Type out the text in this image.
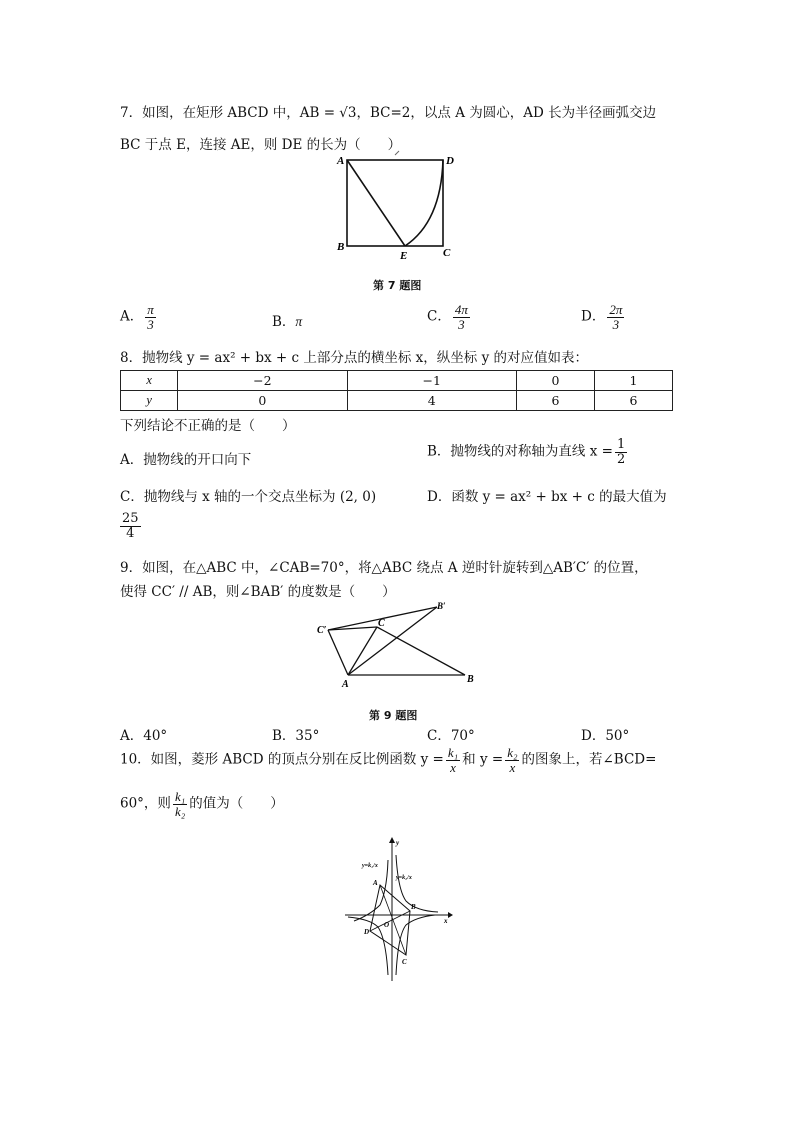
7．如图，在矩形 ABCD 中，AB = √3，BC=2，以点 A 为圆心，AD 长为半径画弧交边
BC 于点 E，连接 AE，则 DE 的长为（　　）
A	D
B	C
E
第 7 题图
A． $\frac{\pi}{3}$	B．π	C． $\frac{4\pi}{3}$	D． $\frac{2\pi}{3}$
8．抛物线 y = ax² + bx + c 上部分点的横坐标 x，纵坐标 y 的对应值如表：
x	−2	−1	0	1
y	0	4	6	6
下列结论不正确的是（　　）
A．抛物线的开口向下
B．抛物线的对称轴为直线 $x = \frac{1}{2}$
C．抛物线与 x 轴的一个交点坐标为 (2, 0)	D．函数 y = ax² + bx + c 的最大值为
$\frac{25}{4}$
9．如图，在△ABC 中，∠CAB=70°，将△ABC 绕点 A 逆时针旋转到△AB′C′ 的位置，
使得 CC′ // AB，则∠BAB′ 的度数是（　　）
C′
C
B′
A	B
第 9 题图
A．40°	B．35°	C．70°	D．50°
10．如图，菱形 ABCD 的顶点分别在反比例函数 $y = \frac{\text{k₁}}{x}$ 和 $y = \frac{\text{k₂}}{x}$ 的图象上，若∠BCD=
60°，则 $\frac{\text{k₁}}{\text{k₂}}$ 的值为（　　）
y
x
O
A
B
C
D
y=k₁/x
y=k₂/x
